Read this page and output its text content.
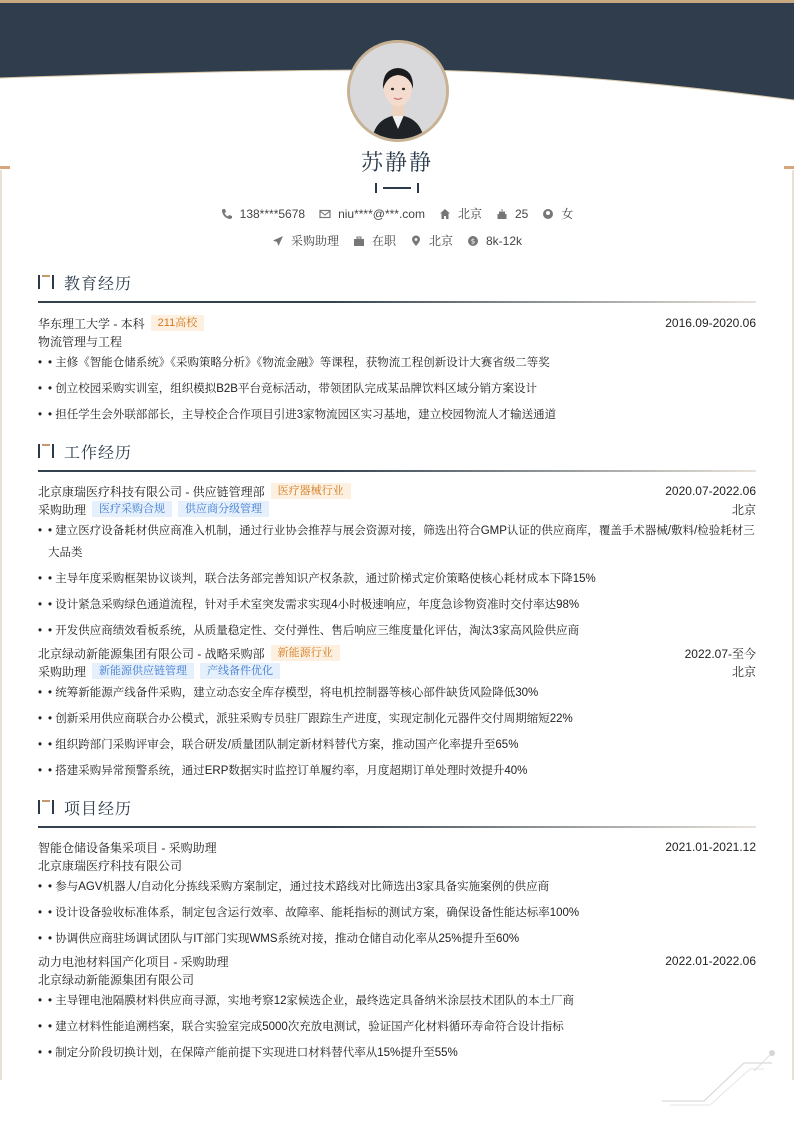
苏静静
138****5678	niu****@***.com	北京	25	女
采购助理	在职	北京	$ 8k-12k
教育经历
华东理工大学 - 本科	211高校	2016.09-2020.06
物流管理与工程
• • 主修《智能仓储系统》《采购策略分析》《物流金融》等课程，获物流工程创新设计大赛省级二等奖
• • 创立校园采购实训室，组织模拟B2B平台竞标活动，带领团队完成某品牌饮料区域分销方案设计
• • 担任学生会外联部部长，主导校企合作项目引进3家物流园区实习基地，建立校园物流人才输送通道
工作经历
北京康瑞医疗科技有限公司 - 供应链管理部	医疗器械行业	2020.07-2022.06
采购助理	医疗采购合规	供应商分级管理	北京
• • 建立医疗设备耗材供应商准入机制，通过行业协会推荐与展会资源对接，筛选出符合GMP认证的供应商库，覆盖手术器械/敷料/检验耗材三大品类
• • 主导年度采购框架协议谈判，联合法务部完善知识产权条款，通过阶梯式定价策略使核心耗材成本下降15%
• • 设计紧急采购绿色通道流程，针对手术室突发需求实现4小时极速响应，年度急诊物资准时交付率达98%
• • 开发供应商绩效看板系统，从质量稳定性、交付弹性、售后响应三维度量化评估，淘汰3家高风险供应商
北京绿动新能源集团有限公司 - 战略采购部	新能源行业	2022.07-至今
采购助理	新能源供应链管理	产线备件优化	北京
• • 统筹新能源产线备件采购，建立动态安全库存模型，将电机控制器等核心部件缺货风险降低30%
• • 创新采用供应商联合办公模式，派驻采购专员驻厂跟踪生产进度，实现定制化元器件交付周期缩短22%
• • 组织跨部门采购评审会，联合研发/质量团队制定新材料替代方案，推动国产化率提升至65%
• • 搭建采购异常预警系统，通过ERP数据实时监控订单履约率，月度超期订单处理时效提升40%
项目经历
智能仓储设备集采项目 - 采购助理	2021.01-2021.12
北京康瑞医疗科技有限公司
• • 参与AGV机器人/自动化分拣线采购方案制定，通过技术路线对比筛选出3家具备实施案例的供应商
• • 设计设备验收标准体系，制定包含运行效率、故障率、能耗指标的测试方案，确保设备性能达标率100%
• • 协调供应商驻场调试团队与IT部门实现WMS系统对接，推动仓储自动化率从25%提升至60%
动力电池材料国产化项目 - 采购助理	2022.01-2022.06
北京绿动新能源集团有限公司
• • 主导锂电池隔膜材料供应商寻源，实地考察12家候选企业，最终选定具备纳米涂层技术团队的本土厂商
• • 建立材料性能追溯档案，联合实验室完成5000次充放电测试，验证国产化材料循环寿命符合设计指标
• • 制定分阶段切换计划，在保障产能前提下实现进口材料替代率从15%提升至55%
